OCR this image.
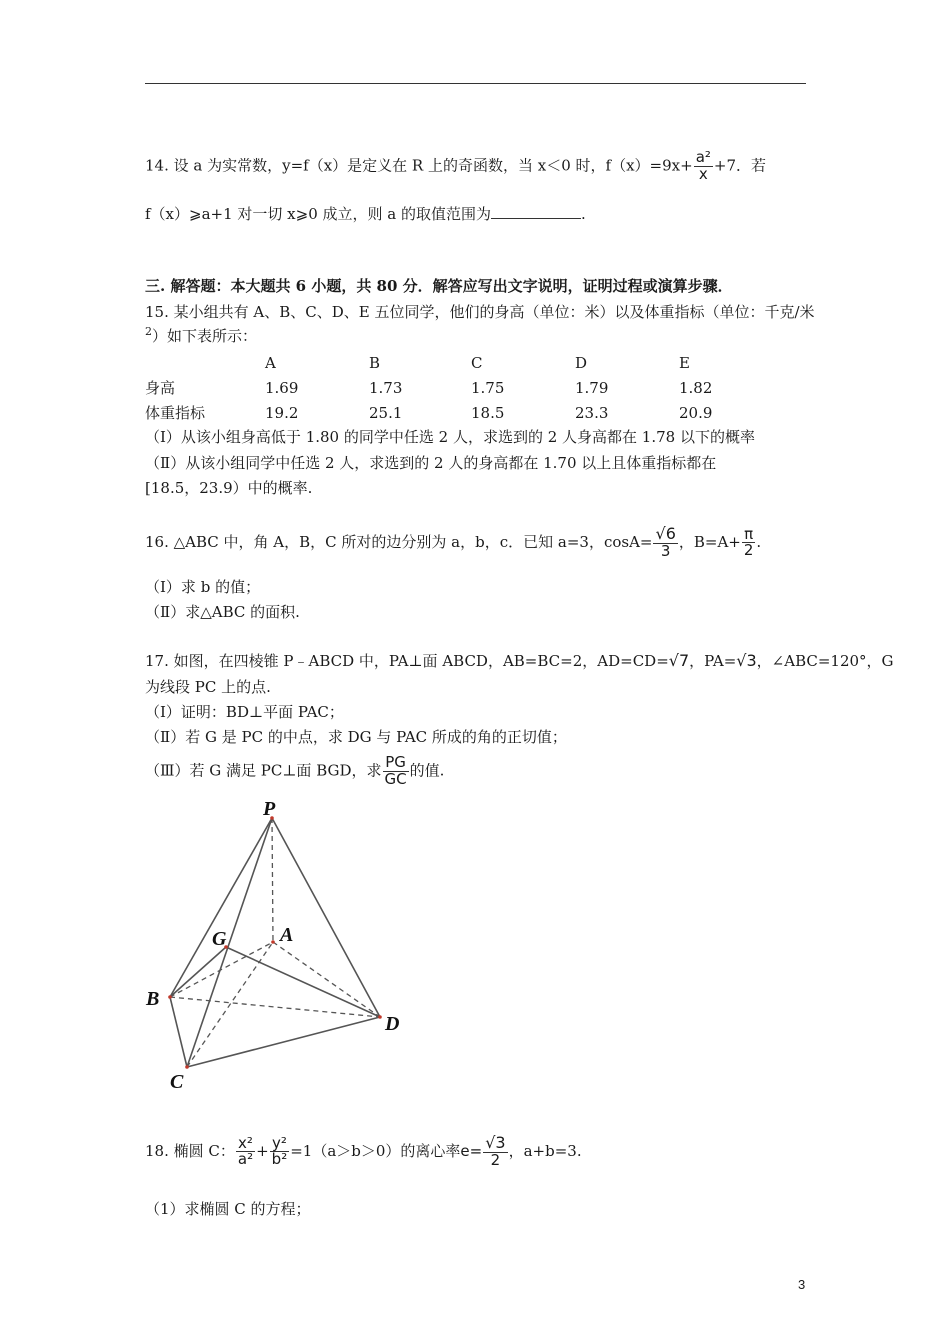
14. 设 a 为实常数，y=f（x）是定义在 R 上的奇函数，当 x＜0 时，$f(x)=9x+ \frac{\text{a²}}{x} +7$．若
f（x）⩾a+1 对一切 x⩾0 成立，则 a 的取值范围为	.
三. 解答题：本大题共 6 小题，共 80 分．解答应写出文字说明，证明过程或演算步骤．
15. 某小组共有 A、B、C、D、E 五位同学，他们的身高（单位：米）以及体重指标（单位：千克/米
$^2$）如下表所示：
	A	B	C	D	E
身高	1.69	1.73	1.75	1.79	1.82
体重指标	19.2	25.1	18.5	23.3	20.9
（Ⅰ）从该小组身高低于 1.80 的同学中任选 2 人，求选到的 2 人身高都在 1.78 以下的概率
（Ⅱ）从该小组同学中任选 2 人，求选到的 2 人的身高都在 1.70 以上且体重指标都在
[18.5，23.9）中的概率.
16. △ABC 中，角 A，B，C 所对的边分别为 a，b，c．已知 a=3，$\cos A= \frac{√6}{3}$ ，$B=A+ \frac{\pi}{2}$ .
（Ⅰ）求 b 的值；
（Ⅱ）求△ABC 的面积.
17. 如图，在四棱锥 P﹣ABCD 中，PA⊥面 ABCD，AB=BC=2，AD=CD=√7，PA=√3，∠ABC=120°，G
为线段 PC 上的点.
（Ⅰ）证明：BD⊥平面 PAC；
（Ⅱ）若 G 是 PC 的中点，求 DG 与 PAC 所成的角的正切值；
（Ⅲ）若 G 满足 PC⊥面 BGD，求 $\frac{PG}{GC}$ 的值.
P
A
G
B
D
C
18. 椭圆 C： $\frac{\text{x²}}{\text{a²}} + \frac{\text{y²}}{\text{b²}} =1(a>b>0)$的离心率$e= \frac{√3}{2}$ ，a+b=3.
（1）求椭圆 C 的方程；
3
